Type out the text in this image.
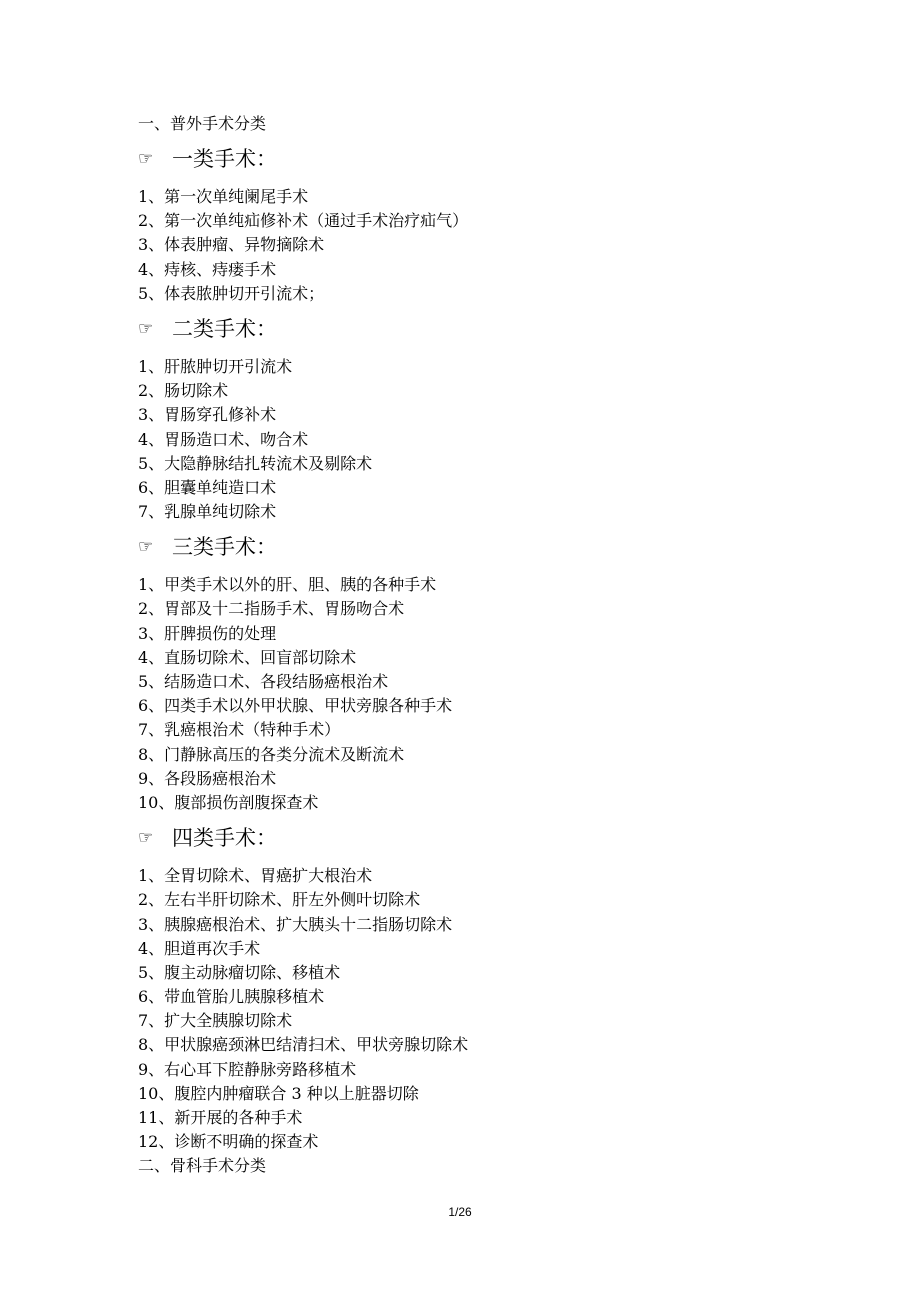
一、普外手术分类
☞ 一类手术：
1、第一次单纯阑尾手术
2、第一次单纯疝修补术（通过手术治疗疝气）
3、体表肿瘤、异物摘除术
4、痔核、痔瘘手术
5、体表脓肿切开引流术；
☞ 二类手术：
1、肝脓肿切开引流术
2、肠切除术
3、胃肠穿孔修补术
4、胃肠造口术、吻合术
5、大隐静脉结扎转流术及剔除术
6、胆囊单纯造口术
7、乳腺单纯切除术
☞ 三类手术：
1、甲类手术以外的肝、胆、胰的各种手术
2、胃部及十二指肠手术、胃肠吻合术
3、肝脾损伤的处理
4、直肠切除术、回盲部切除术
5、结肠造口术、各段结肠癌根治术
6、四类手术以外甲状腺、甲状旁腺各种手术
7、乳癌根治术（特种手术）
8、门静脉高压的各类分流术及断流术
9、各段肠癌根治术
10、腹部损伤剖腹探查术
☞ 四类手术：
1、全胃切除术、胃癌扩大根治术
2、左右半肝切除术、肝左外侧叶切除术
3、胰腺癌根治术、扩大胰头十二指肠切除术
4、胆道再次手术
5、腹主动脉瘤切除、移植术
6、带血管胎儿胰腺移植术
7、扩大全胰腺切除术
8、甲状腺癌颈淋巴结清扫术、甲状旁腺切除术
9、右心耳下腔静脉旁路移植术
10、腹腔内肿瘤联合 3 种以上脏器切除
11、新开展的各种手术
12、诊断不明确的探查术
二、骨科手术分类
1/26
